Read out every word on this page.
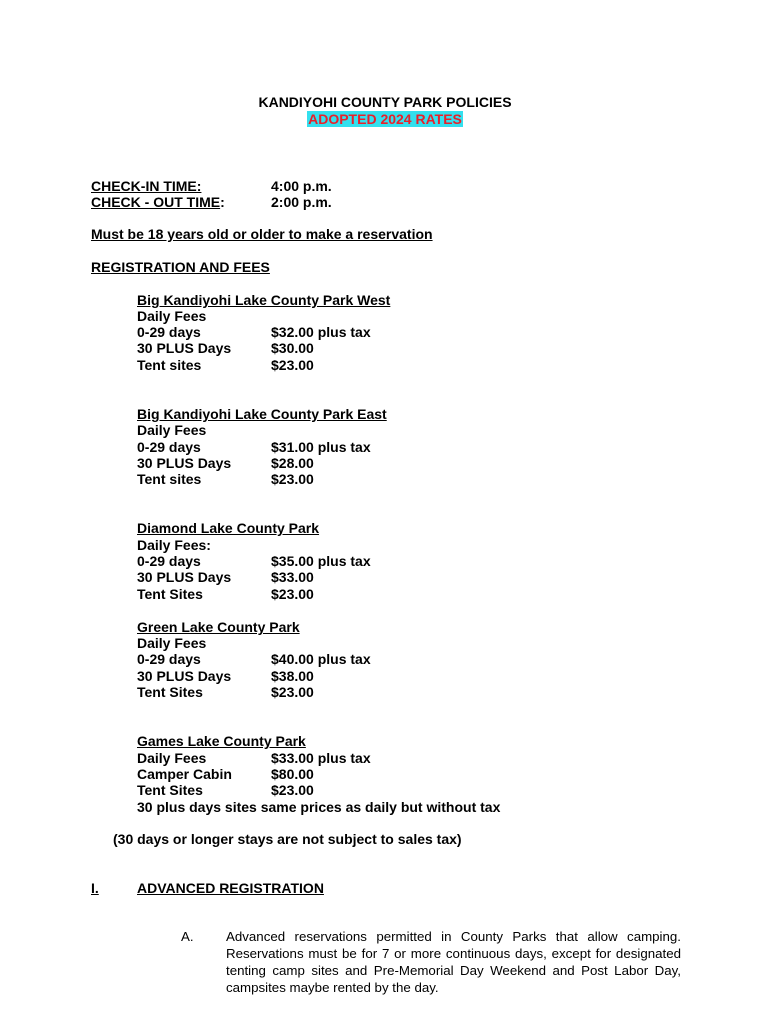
KANDIYOHI COUNTY PARK POLICIES
ADOPTED 2024 RATES
CHECK-IN TIME:	4:00 p.m.
CHECK - OUT TIME:	2:00 p.m.
Must be 18 years old or older to make a reservation
REGISTRATION AND FEES
Big Kandiyohi Lake County Park West
Daily Fees
0-29 days	$32.00 plus tax
30 PLUS Days	$30.00
Tent sites	$23.00
Big Kandiyohi Lake County Park East
Daily Fees
0-29 days	$31.00 plus tax
30 PLUS Days	$28.00
Tent sites	$23.00
Diamond Lake County Park
Daily Fees:
0-29 days	$35.00 plus tax
30 PLUS Days	$33.00
Tent Sites	$23.00
Green Lake County Park
Daily Fees
0-29 days	$40.00 plus tax
30 PLUS Days	$38.00
Tent Sites	$23.00
Games Lake County Park
Daily Fees	$33.00 plus tax
Camper Cabin	$80.00
Tent Sites	$23.00
30 plus days sites same prices as daily but without tax
(30 days or longer stays are not subject to sales tax)
I.	ADVANCED REGISTRATION
A. Advanced reservations permitted in County Parks that allow camping. Reservations must be for 7 or more continuous days, except for designated tenting camp sites and Pre-Memorial Day Weekend and Post Labor Day, campsites maybe rented by the day.
